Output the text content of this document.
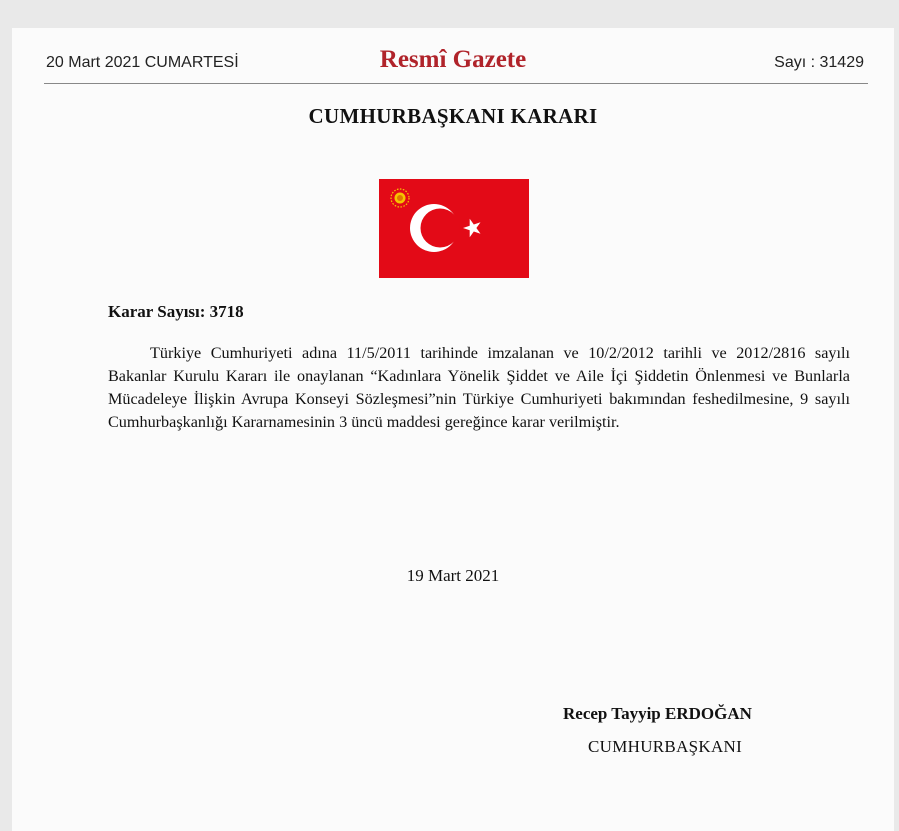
20 Mart 2021 CUMARTESİ	Resmî Gazete	Sayı : 31429
CUMHURBAŞKANI KARARI
Karar Sayısı: 3718
Türkiye Cumhuriyeti adına 11/5/2011 tarihinde imzalanan ve 10/2/2012 tarihli ve 2012/2816 sayılı Bakanlar Kurulu Kararı ile onaylanan “Kadınlara Yönelik Şiddet ve Aile İçi Şiddetin Önlenmesi ve Bunlarla Mücadeleye İlişkin Avrupa Konseyi Sözleşmesi”nin Türkiye Cumhuriyeti bakımından feshedilmesine, 9 sayılı Cumhurbaşkanlığı Kararnamesinin 3 üncü maddesi gereğince karar verilmiştir.
19 Mart 2021
Recep Tayyip ERDOĞAN
CUMHURBAŞKANI
